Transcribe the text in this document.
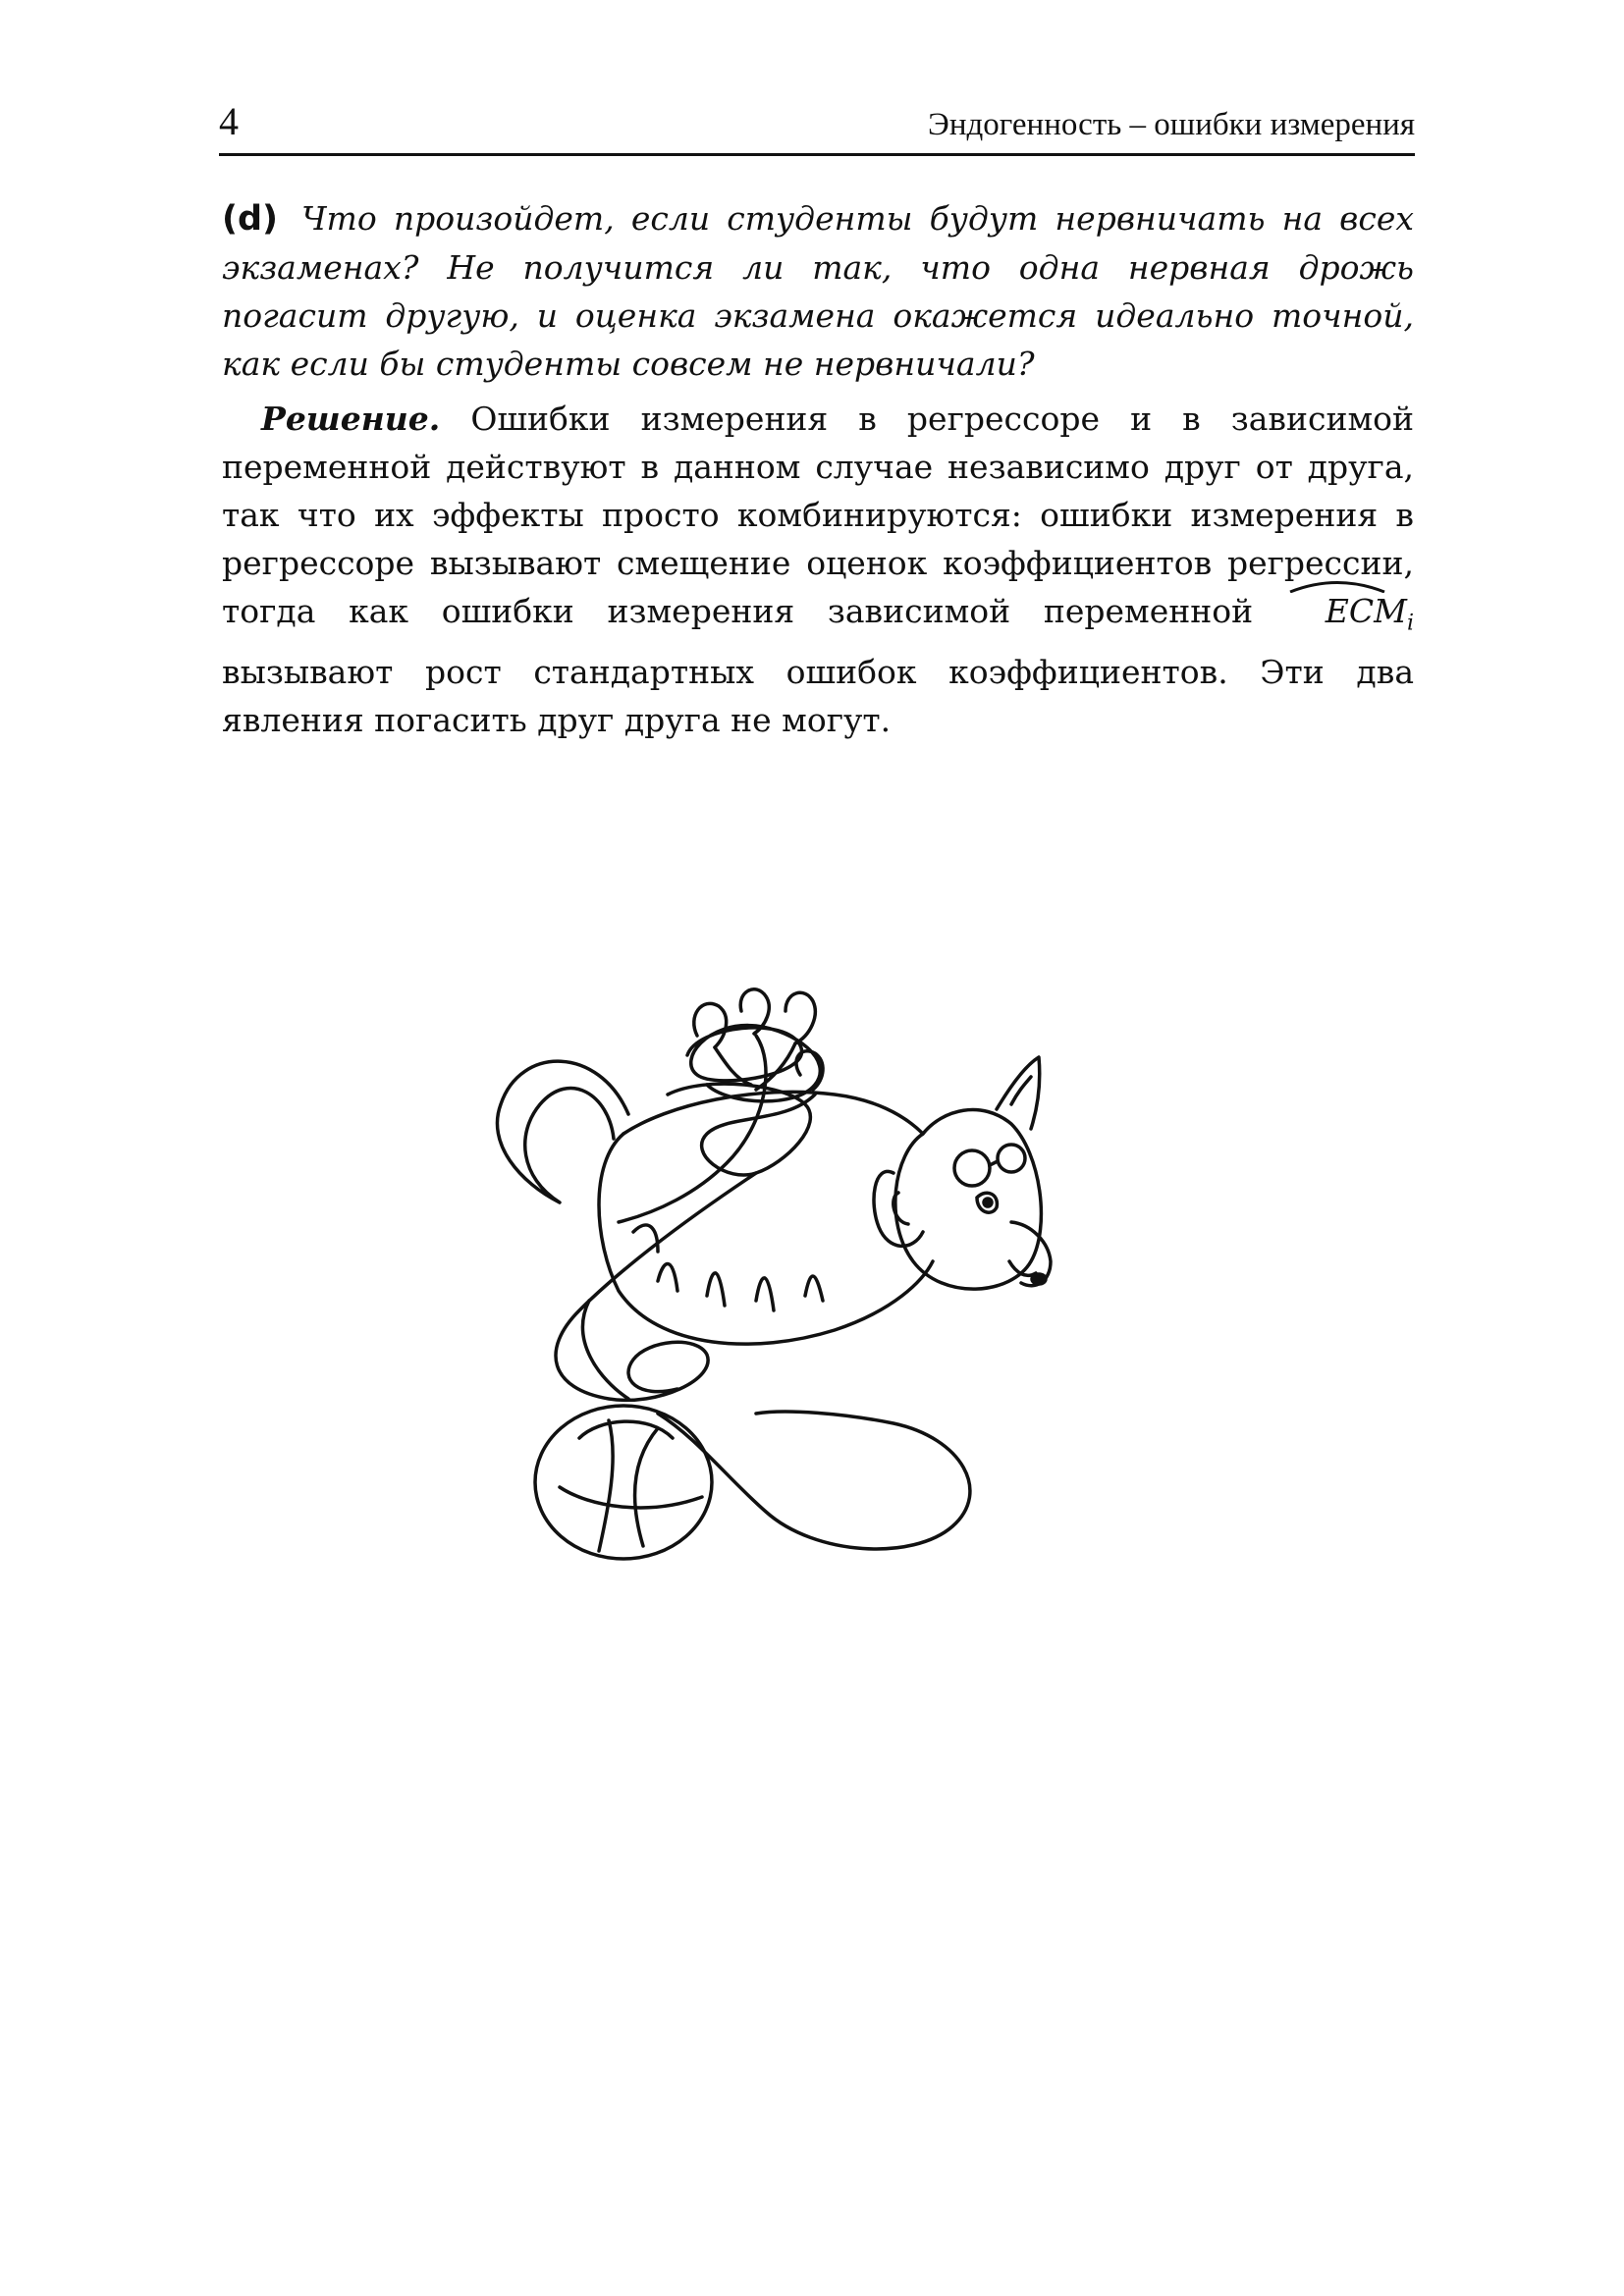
4	Эндогенность – ошибки измерения
(d) Что произойдет, если студенты будут нервничать на всех экзаменах? Не получится ли так, что одна нервная дрожь погасит другую, и оценка экзамена окажется идеально точной, как если бы студенты совсем не нервничали?
Решение. Ошибки измерения в регрессоре и в зависимой переменной действуют в данном случае независимо друг от друга, так что их эффекты просто комбинируются: ошибки измерения в регрессоре вызывают смещение оценок коэффициентов регрессии, тогда как ошибки измерения зависимой переменной $ECM_i$ вызывают рост стандартных ошибок коэффициентов. Эти два явления погасить друг друга не могут.
